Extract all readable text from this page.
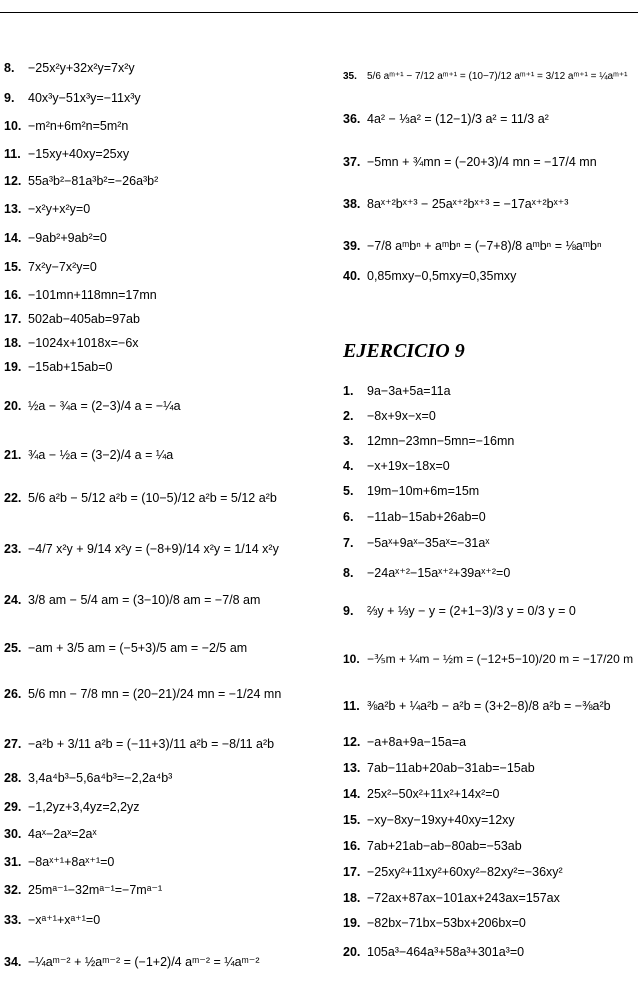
8. −25x²y+32x²y=7x²y
9. 40x³y−51x³y=−11x³y
10. −m²n+6m²n=5m²n
11. −15xy+40xy=25xy
12. 55a³b²−81a³b²=−26a³b²
13. −x²y+x²y=0
14. −9ab²+9ab²=0
15. 7x²y−7x²y=0
16. −101mn+118mn=17mn
17. 502ab−405ab=97ab
18. −1024x+1018x=−6x
19. −15ab+15ab=0
20. ½a − ¾a = (2−3)/4 a = −¼a
21. ¾a − ½a = (3−2)/4 a = ¼a
22. 5/6 a²b − 5/12 a²b = (10−5)/12 a²b = 5/12 a²b
23. −4/7 x²y + 9/14 x²y = (−8+9)/14 x²y = 1/14 x²y
24. 3/8 am − 5/4 am = (3−10)/8 am = −7/8 am
25. −am + 3/5 am = (−5+3)/5 am = −2/5 am
26. 5/6 mn − 7/8 mn = (20−21)/24 mn = −1/24 mn
27. −a²b + 3/11 a²b = (−11+3)/11 a²b = −8/11 a²b
28. 3,4a⁴b³−5,6a⁴b³=−2,2a⁴b³
29. −1,2yz+3,4yz=2,2yz
30. 4aˣ−2aˣ=2aˣ
31. −8aˣ⁺¹+8aˣ⁺¹=0
32. 25mᵃ⁻¹−32mᵃ⁻¹=−7mᵃ⁻¹
33. −xᵃ⁺¹+xᵃ⁺¹=0
34. −¼aᵐ⁻² + ½aᵐ⁻² = (−1+2)/4 aᵐ⁻² = ¼aᵐ⁻²
35. 5/6 aᵐ⁺¹ − 7/12 aᵐ⁺¹ = (10−7)/12 aᵐ⁺¹ = 3/12 aᵐ⁺¹ = ¼aᵐ⁺¹
36. 4a² − ⅓a² = (12−1)/3 a² = 11/3 a²
37. −5mn + ¾mn = (−20+3)/4 mn = −17/4 mn
38. 8aˣ⁺²bˣ⁺³ − 25aˣ⁺²bˣ⁺³ = −17aˣ⁺²bˣ⁺³
39. −7/8 aᵐbⁿ + aᵐbⁿ = (−7+8)/8 aᵐbⁿ = ⅛aᵐbⁿ
40. 0,85mxy−0,5mxy=0,35mxy
EJERCICIO 9
1. 9a−3a+5a=11a
2. −8x+9x−x=0
3. 12mn−23mn−5mn=−16mn
4. −x+19x−18x=0
5. 19m−10m+6m=15m
6. −11ab−15ab+26ab=0
7. −5aˣ+9aˣ−35aˣ=−31aˣ
8. −24aˣ⁺²−15aˣ⁺²+39aˣ⁺²=0
9. ⅔y + ⅓y − y = (2+1−3)/3 y = 0/3 y = 0
10. −⅗m + ¼m − ½m = (−12+5−10)/20 m = −17/20 m
11. ⅜a²b + ¼a²b − a²b = (3+2−8)/8 a²b = −⅜a²b
12. −a+8a+9a−15a=a
13. 7ab−11ab+20ab−31ab=−15ab
14. 25x²−50x²+11x²+14x²=0
15. −xy−8xy−19xy+40xy=12xy
16. 7ab+21ab−ab−80ab=−53ab
17. −25xy²+11xy²+60xy²−82xy²=−36xy²
18. −72ax+87ax−101ax+243ax=157ax
19. −82bx−71bx−53bx+206bx=0
20. 105a³−464a³+58a³+301a³=0
